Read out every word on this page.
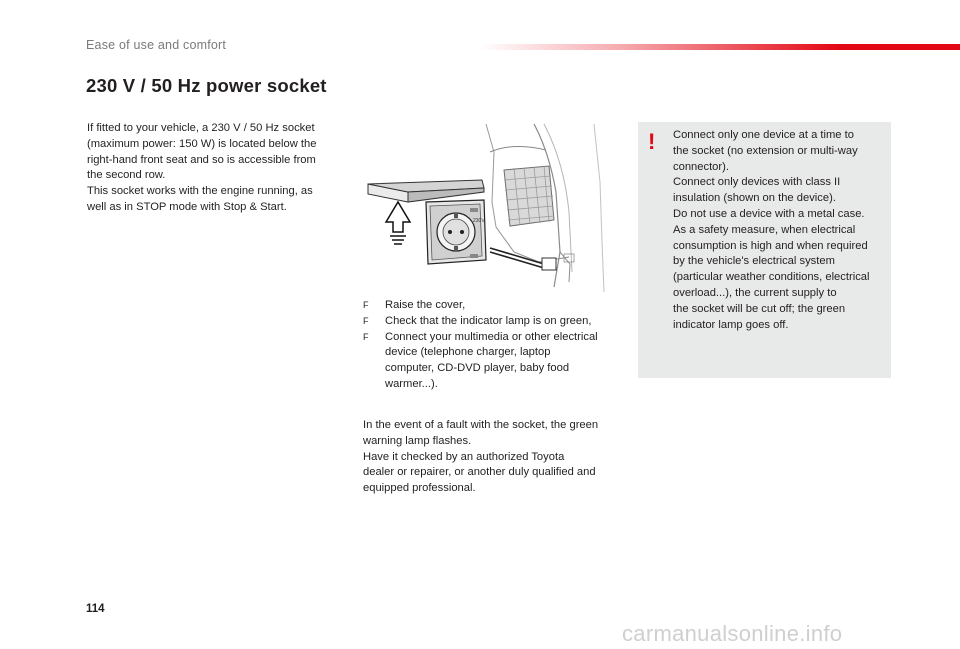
Ease of use and comfort
230 V / 50 Hz power socket

If fitted to your vehicle, a 230 V / 50 Hz socket
(maximum power: 150 W) is located below the
right-hand front seat and so is accessible from
the second row.
This socket works with the engine running, as
well as in STOP mode with Stop & Start.

230V
F	Raise the cover,
F	Check that the indicator lamp is on green,
F	Connect your multimedia or other electrical
device (telephone charger, laptop
computer, CD-DVD player, baby food
warmer...).

In the event of a fault with the socket, the green
warning lamp flashes.
Have it checked by an authorized Toyota
dealer or repairer, or another duly qualified and
equipped professional.

! Connect only one device at a time to
the socket (no extension or multi-way
connector).
Connect only devices with class II
insulation (shown on the device).
Do not use a device with a metal case.
As a safety measure, when electrical
consumption is high and when required
by the vehicle's electrical system
(particular weather conditions, electrical
overload...), the current supply to
the socket will be cut off; the green
indicator lamp goes off.

114
carmanualsonline.info
